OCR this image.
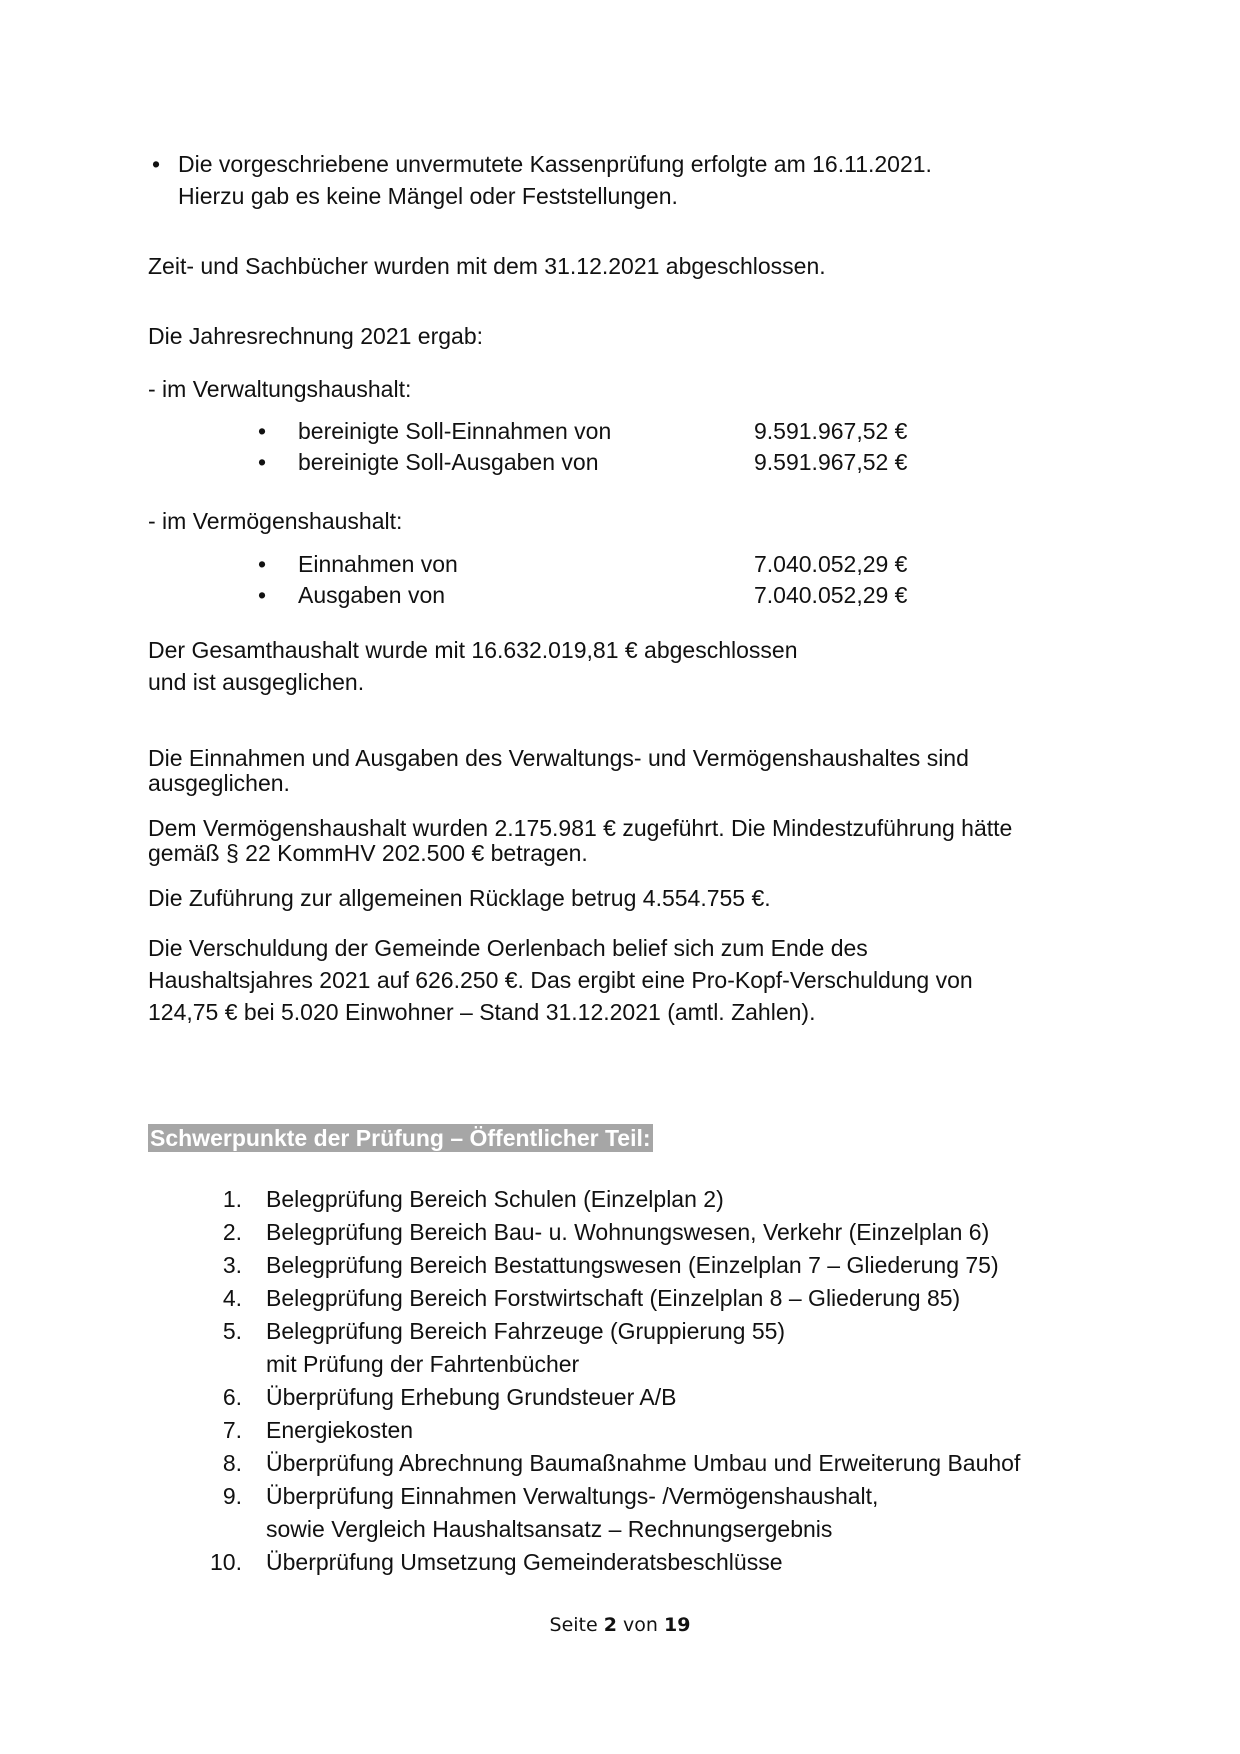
• Die vorgeschriebene unvermutete Kassenprüfung erfolgte am 16.11.2021.

Hierzu gab es keine Mängel oder Feststellungen.

Zeit- und Sachbücher wurden mit dem 31.12.2021 abgeschlossen.

Die Jahresrechnung 2021 ergab:

- im Verwaltungshaushalt:

• bereinigte Soll-Einnahmen von	9.591.967,52 €
• bereinigte Soll-Ausgaben von	9.591.967,52 €

- im Vermögenshaushalt:

• Einnahmen von	7.040.052,29 €
• Ausgaben von	7.040.052,29 €

Der Gesamthaushalt wurde mit 16.632.019,81 € abgeschlossen

und ist ausgeglichen.

Die Einnahmen und Ausgaben des Verwaltungs- und Vermögenshaushaltes sind

ausgeglichen.

Dem Vermögenshaushalt wurden 2.175.981 € zugeführt. Die Mindestzuführung hätte

gemäß § 22 KommHV 202.500 € betragen.

Die Zuführung zur allgemeinen Rücklage betrug 4.554.755 €.

Die Verschuldung der Gemeinde Oerlenbach belief sich zum Ende des

Haushaltsjahres 2021 auf 626.250 €. Das ergibt eine Pro-Kopf-Verschuldung von

124,75 € bei 5.020 Einwohner – Stand 31.12.2021 (amtl. Zahlen).

Schwerpunkte der Prüfung – Öffentlicher Teil:
1. Belegprüfung Bereich Schulen (Einzelplan 2)

2. Belegprüfung Bereich Bau- u. Wohnungswesen, Verkehr (Einzelplan 6)

3. Belegprüfung Bereich Bestattungswesen (Einzelplan 7 – Gliederung 75)

4. Belegprüfung Bereich Forstwirtschaft (Einzelplan 8 – Gliederung 85)

5. Belegprüfung Bereich Fahrzeuge (Gruppierung 55)

mit Prüfung der Fahrtenbücher

6. Überprüfung Erhebung Grundsteuer A/B

7. Energiekosten

8. Überprüfung Abrechnung Baumaßnahme Umbau und Erweiterung Bauhof

9. Überprüfung Einnahmen Verwaltungs- /Vermögenshaushalt,

sowie Vergleich Haushaltsansatz – Rechnungsergebnis

10. Überprüfung Umsetzung Gemeinderatsbeschlüsse

Seite 2 von 19
